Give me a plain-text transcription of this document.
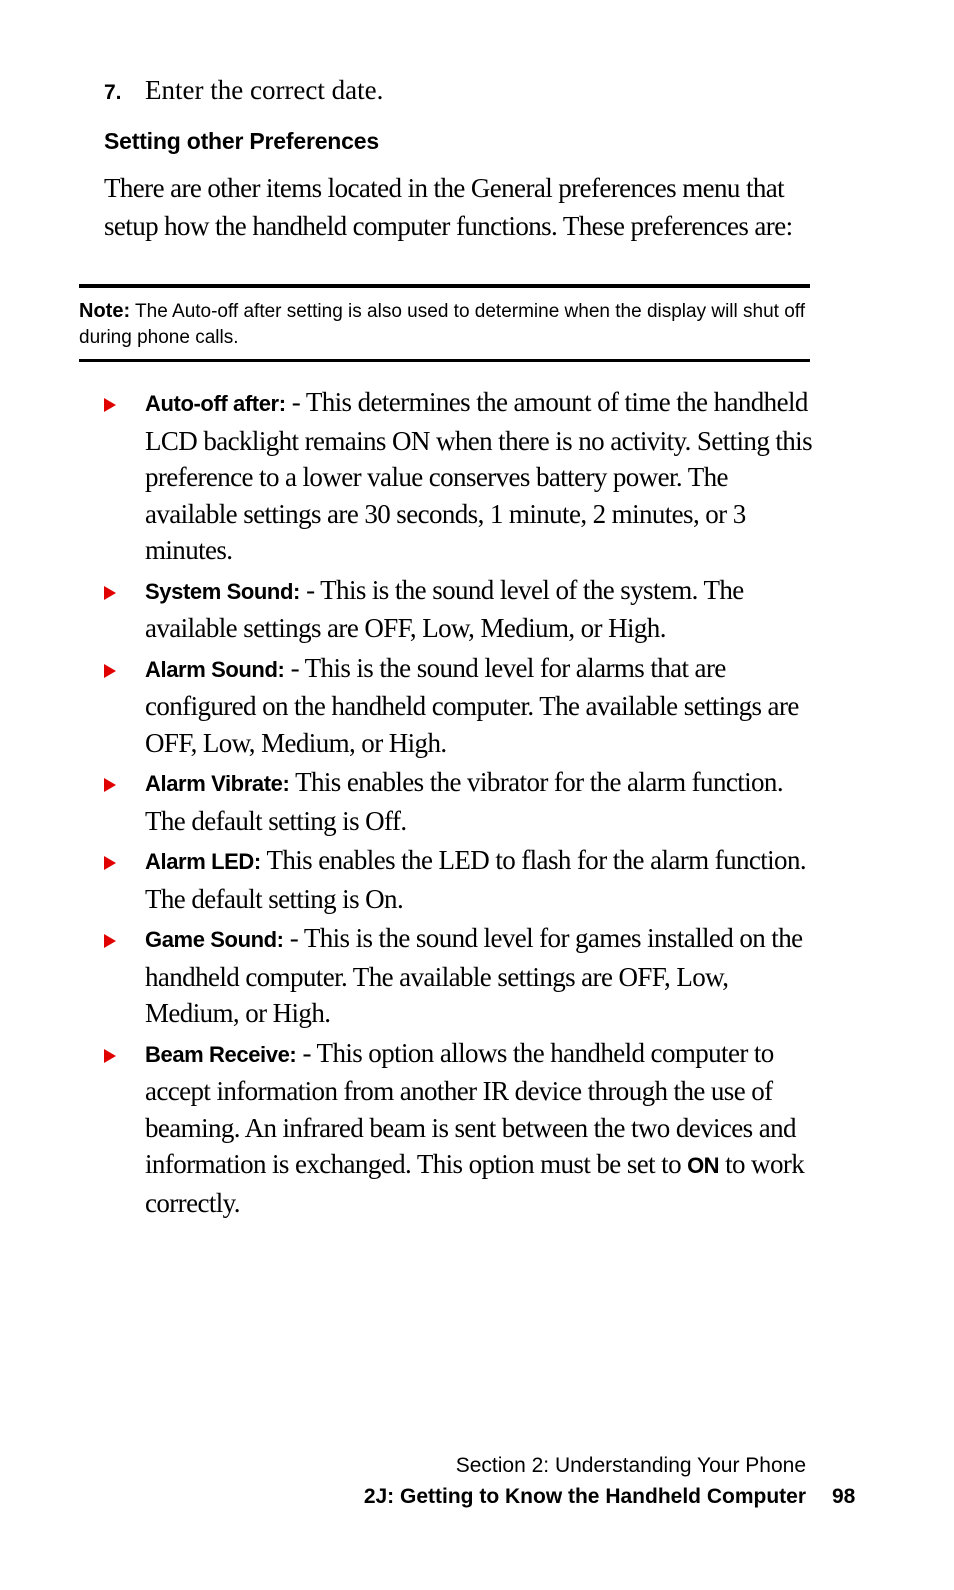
7. Enter the correct date.
Setting other Preferences
There are other items located in the General preferences menu that setup how the handheld computer functions. These preferences are:
Note: The Auto-off after setting is also used to determine when the display will shut off during phone calls.
Auto-off after: - This determines the amount of time the handheld LCD backlight remains ON when there is no activity. Setting this preference to a lower value conserves battery power. The available settings are 30 seconds, 1 minute, 2 minutes, or 3 minutes.
System Sound: - This is the sound level of the system. The available settings are OFF, Low, Medium, or High.
Alarm Sound: - This is the sound level for alarms that are configured on the handheld computer. The available settings are OFF, Low, Medium, or High.
Alarm Vibrate: This enables the vibrator for the alarm function. The default setting is Off.
Alarm LED: This enables the LED to flash for the alarm function. The default setting is On.
Game Sound: - This is the sound level for games installed on the handheld computer. The available settings are OFF, Low, Medium, or High.
Beam Receive: - This option allows the handheld computer to accept information from another IR device through the use of beaming. An infrared beam is sent between the two devices and information is exchanged. This option must be set to ON to work correctly.
Section 2: Understanding Your Phone
2J: Getting to Know the Handheld Computer 98
